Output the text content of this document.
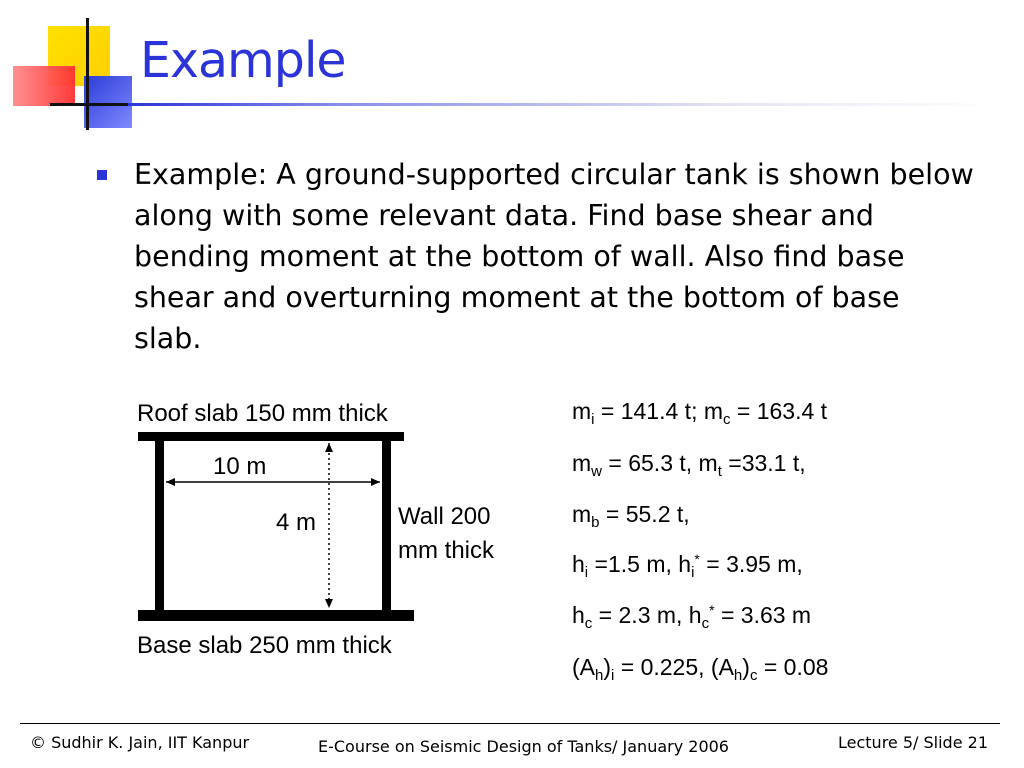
Example
Example: A ground-supported circular tank is shown below along with some relevant data. Find base shear and bending moment at the bottom of wall. Also find base shear and overturning moment at the bottom of base slab.
Roof slab 150 mm thick
10 m
4 m	Wall 200
mm thick
Base slab 250 mm thick
$m_i = 141.4$ t; $m_c = 163.4$ t
$m_w = 65.3$ t, $m_t =33.1$ t,
$m_b = 55.2$ t,
$h_i =1.5$ m, $h_i^* = 3.95$ m,
$h_c = 2.3$ m, $h_c^* = 3.63$ m
$(A_h)_i = 0.225$, $(A_h)_c = 0.08$
© Sudhir K. Jain, IIT Kanpur	E-Course on Seismic Design of Tanks/ January 2006	Lecture 5/ Slide 21
